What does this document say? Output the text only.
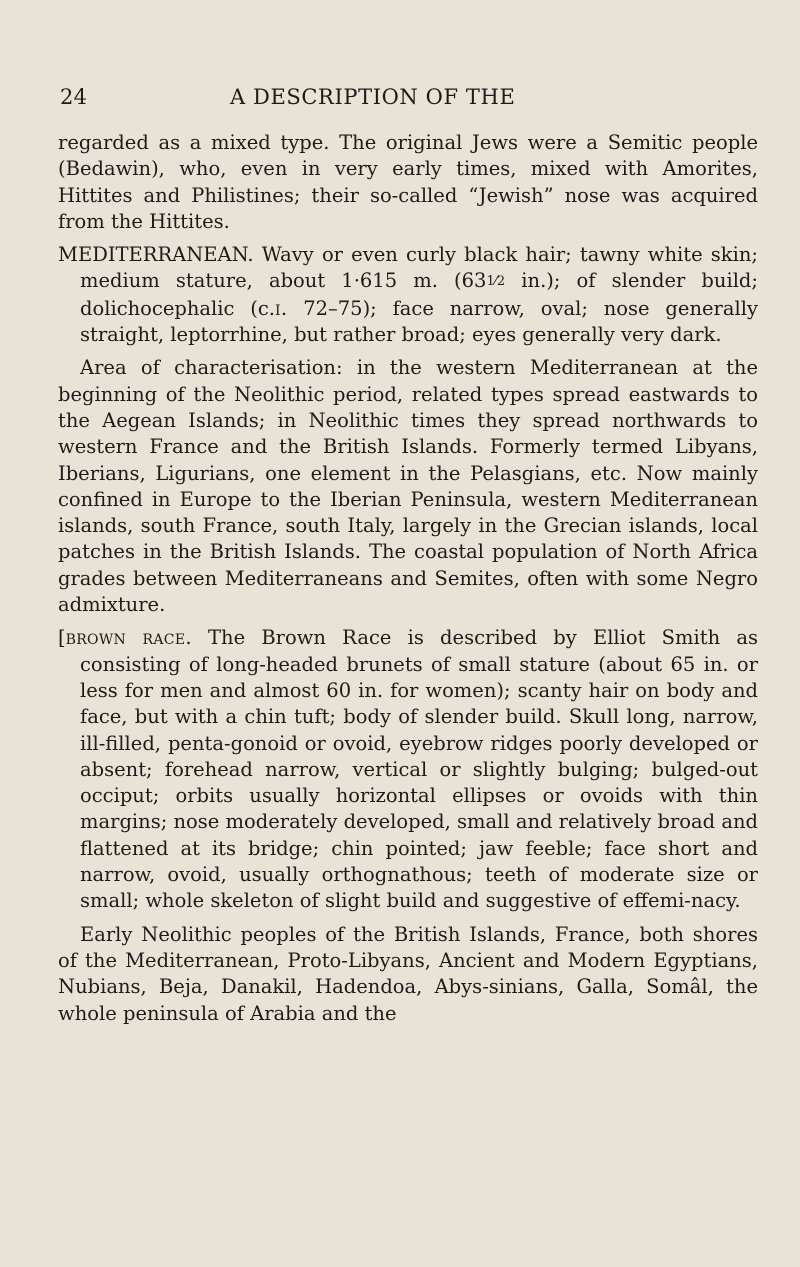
24	A DESCRIPTION OF THE

regarded as a mixed type. The original Jews were a Semitic people (Bedawin), who, even in very early times, mixed with Amorites, Hittites and Philistines; their so-called “Jewish” nose was acquired from the Hittites.

MEDITERRANEAN. Wavy or even curly black hair; tawny white skin; medium stature, about 1·615 m. (631⁄2 in.); of slender build; dolichocephalic (c.i. 72–75); face narrow, oval; nose generally straight, leptorrhine, but rather broad; eyes generally very dark.

Area of characterisation: in the western Mediterranean at the beginning of the Neolithic period, related types spread eastwards to the Aegean Islands; in Neolithic times they spread northwards to western France and the British Islands. Formerly termed Libyans, Iberians, Ligurians, one element in the Pelasgians, etc. Now mainly confined in Europe to the Iberian Peninsula, western Mediterranean islands, south France, south Italy, largely in the Grecian islands, local patches in the British Islands. The coastal population of North Africa grades between Mediterraneans and Semites, often with some Negro admixture.

[brown race. The Brown Race is described by Elliot Smith as consisting of long-headed brunets of small stature (about 65 in. or less for men and almost 60 in. for women); scanty hair on body and face, but with a chin tuft; body of slender build. Skull long, narrow, ill-filled, penta-gonoid or ovoid, eyebrow ridges poorly developed or absent; forehead narrow, vertical or slightly bulging; bulged-out occiput; orbits usually horizontal ellipses or ovoids with thin margins; nose moderately developed, small and relatively broad and flattened at its bridge; chin pointed; jaw feeble; face short and narrow, ovoid, usually orthognathous; teeth of moderate size or small; whole skeleton of slight build and suggestive of effemi-nacy.

Early Neolithic peoples of the British Islands, France, both shores of the Mediterranean, Proto-Libyans, Ancient and Modern Egyptians, Nubians, Beja, Danakil, Hadendoa, Abys-sinians, Galla, Somâl, the whole peninsula of Arabia and the
